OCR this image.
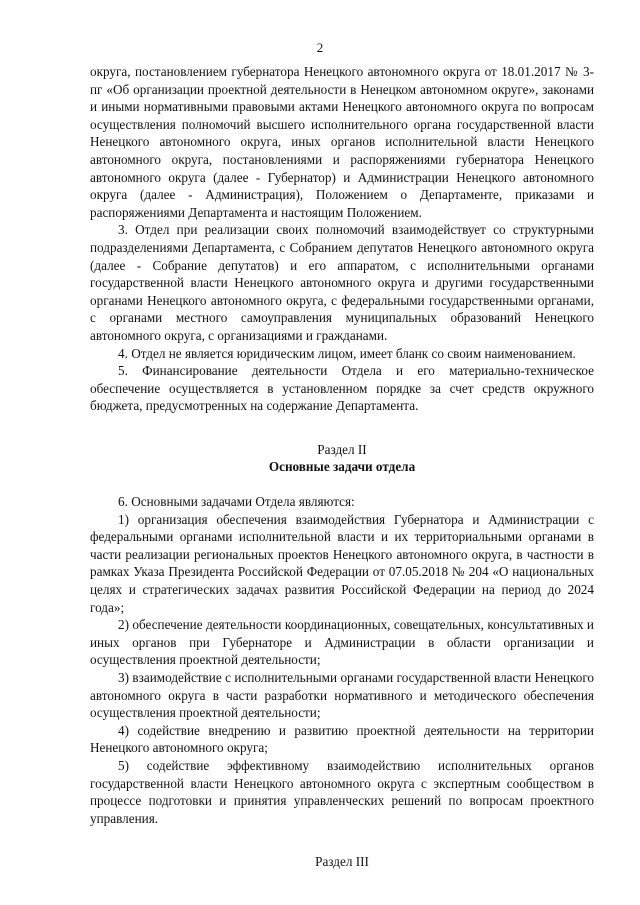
2

округа, постановлением губернатора Ненецкого автономного округа от 18.01.2017 № 3-пг «Об организации проектной деятельности в Ненецком автономном округе», законами и иными нормативными правовыми актами Ненецкого автономного округа по вопросам осуществления полномочий высшего исполнительного органа государственной власти Ненецкого автономного округа, иных органов исполнительной власти Ненецкого автономного округа, постановлениями и распоряжениями губернатора Ненецкого автономного округа (далее - Губернатор) и Администрации Ненецкого автономного округа (далее - Администрация), Положением о Департаменте, приказами и распоряжениями Департамента и настоящим Положением.

3. Отдел при реализации своих полномочий взаимодействует со структурными подразделениями Департамента, с Собранием депутатов Ненецкого автономного округа (далее - Собрание депутатов) и его аппаратом, с исполнительными органами государственной власти Ненецкого автономного округа и другими государственными органами Ненецкого автономного округа, с федеральными государственными органами, с органами местного самоуправления муниципальных образований Ненецкого автономного округа, с организациями и гражданами.

4. Отдел не является юридическим лицом, имеет бланк со своим наименованием.

5. Финансирование деятельности Отдела и его материально-техническое обеспечение осуществляется в установленном порядке за счет средств окружного бюджета, предусмотренных на содержание Департамента.

Раздел II

Основные задачи отдела

6. Основными задачами Отдела являются:

1) организация обеспечения взаимодействия Губернатора и Администрации с федеральными органами исполнительной власти и их территориальными органами в части реализации региональных проектов Ненецкого автономного округа, в частности в рамках Указа Президента Российской Федерации от 07.05.2018 № 204 «О национальных целях и стратегических задачах развития Российской Федерации на период до 2024 года»;

2) обеспечение деятельности координационных, совещательных, консультативных и иных органов при Губернаторе и Администрации в области организации и осуществления проектной деятельности;

3) взаимодействие с исполнительными органами государственной власти Ненецкого автономного округа в части разработки нормативного и методического обеспечения осуществления проектной деятельности;

4) содействие внедрению и развитию проектной деятельности на территории Ненецкого автономного округа;

5) содействие эффективному взаимодействию исполнительных органов государственной власти Ненецкого автономного округа с экспертным сообществом в процессе подготовки и принятия управленческих решений по вопросам проектного управления.

Раздел III
